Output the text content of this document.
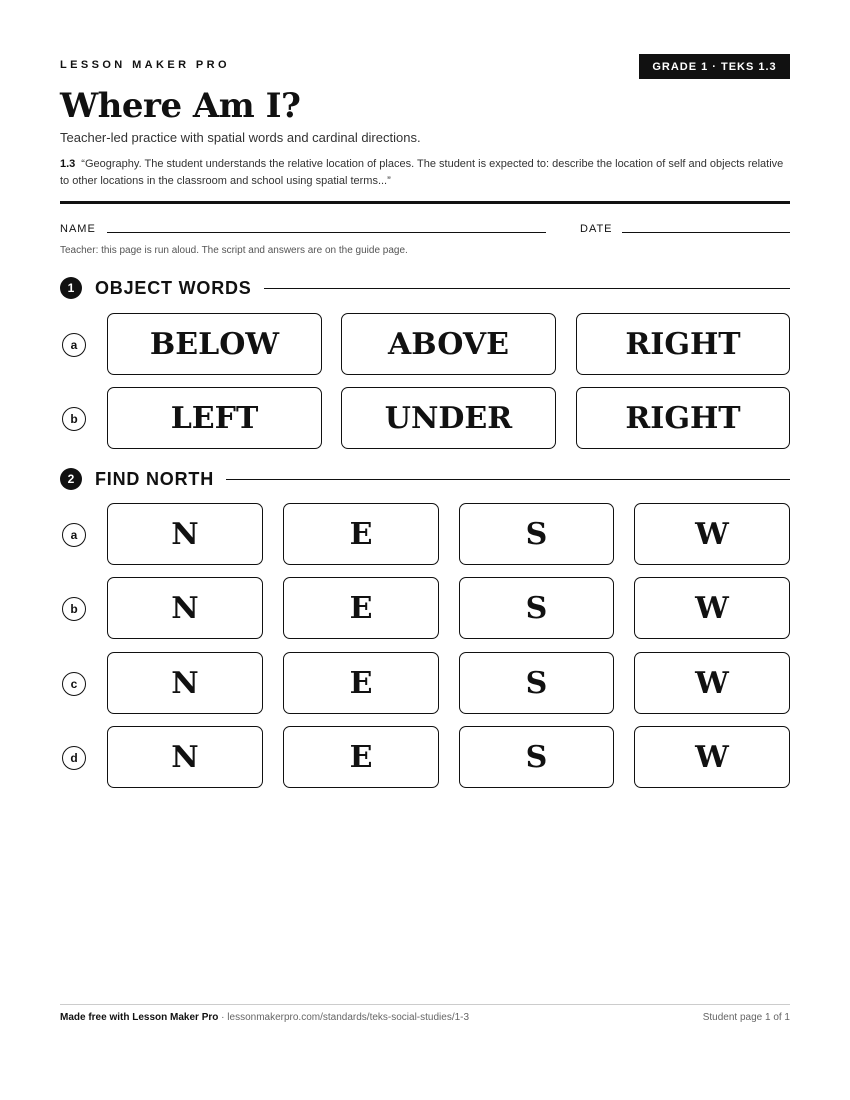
LESSON MAKER PRO	GRADE 1 · TEKS 1.3
Where Am I?
Teacher-led practice with spatial words and cardinal directions.
1.3 “Geography. The student understands the relative location of places. The student is expected to: describe the location of self and objects relative to other locations in the classroom and school using spatial terms...”
NAME	DATE
Teacher: this page is run aloud. The script and answers are on the guide page.
1	OBJECT WORDS
a	BELOW	ABOVE	RIGHT
b	LEFT	UNDER	RIGHT
2	FIND NORTH
a	N	E	S	W
b	N	E	S	W
c	N	E	S	W
d	N	E	S	W
Made free with Lesson Maker Pro · lessonmakerpro.com/standards/teks-social-studies/1-3	Student page 1 of 1
